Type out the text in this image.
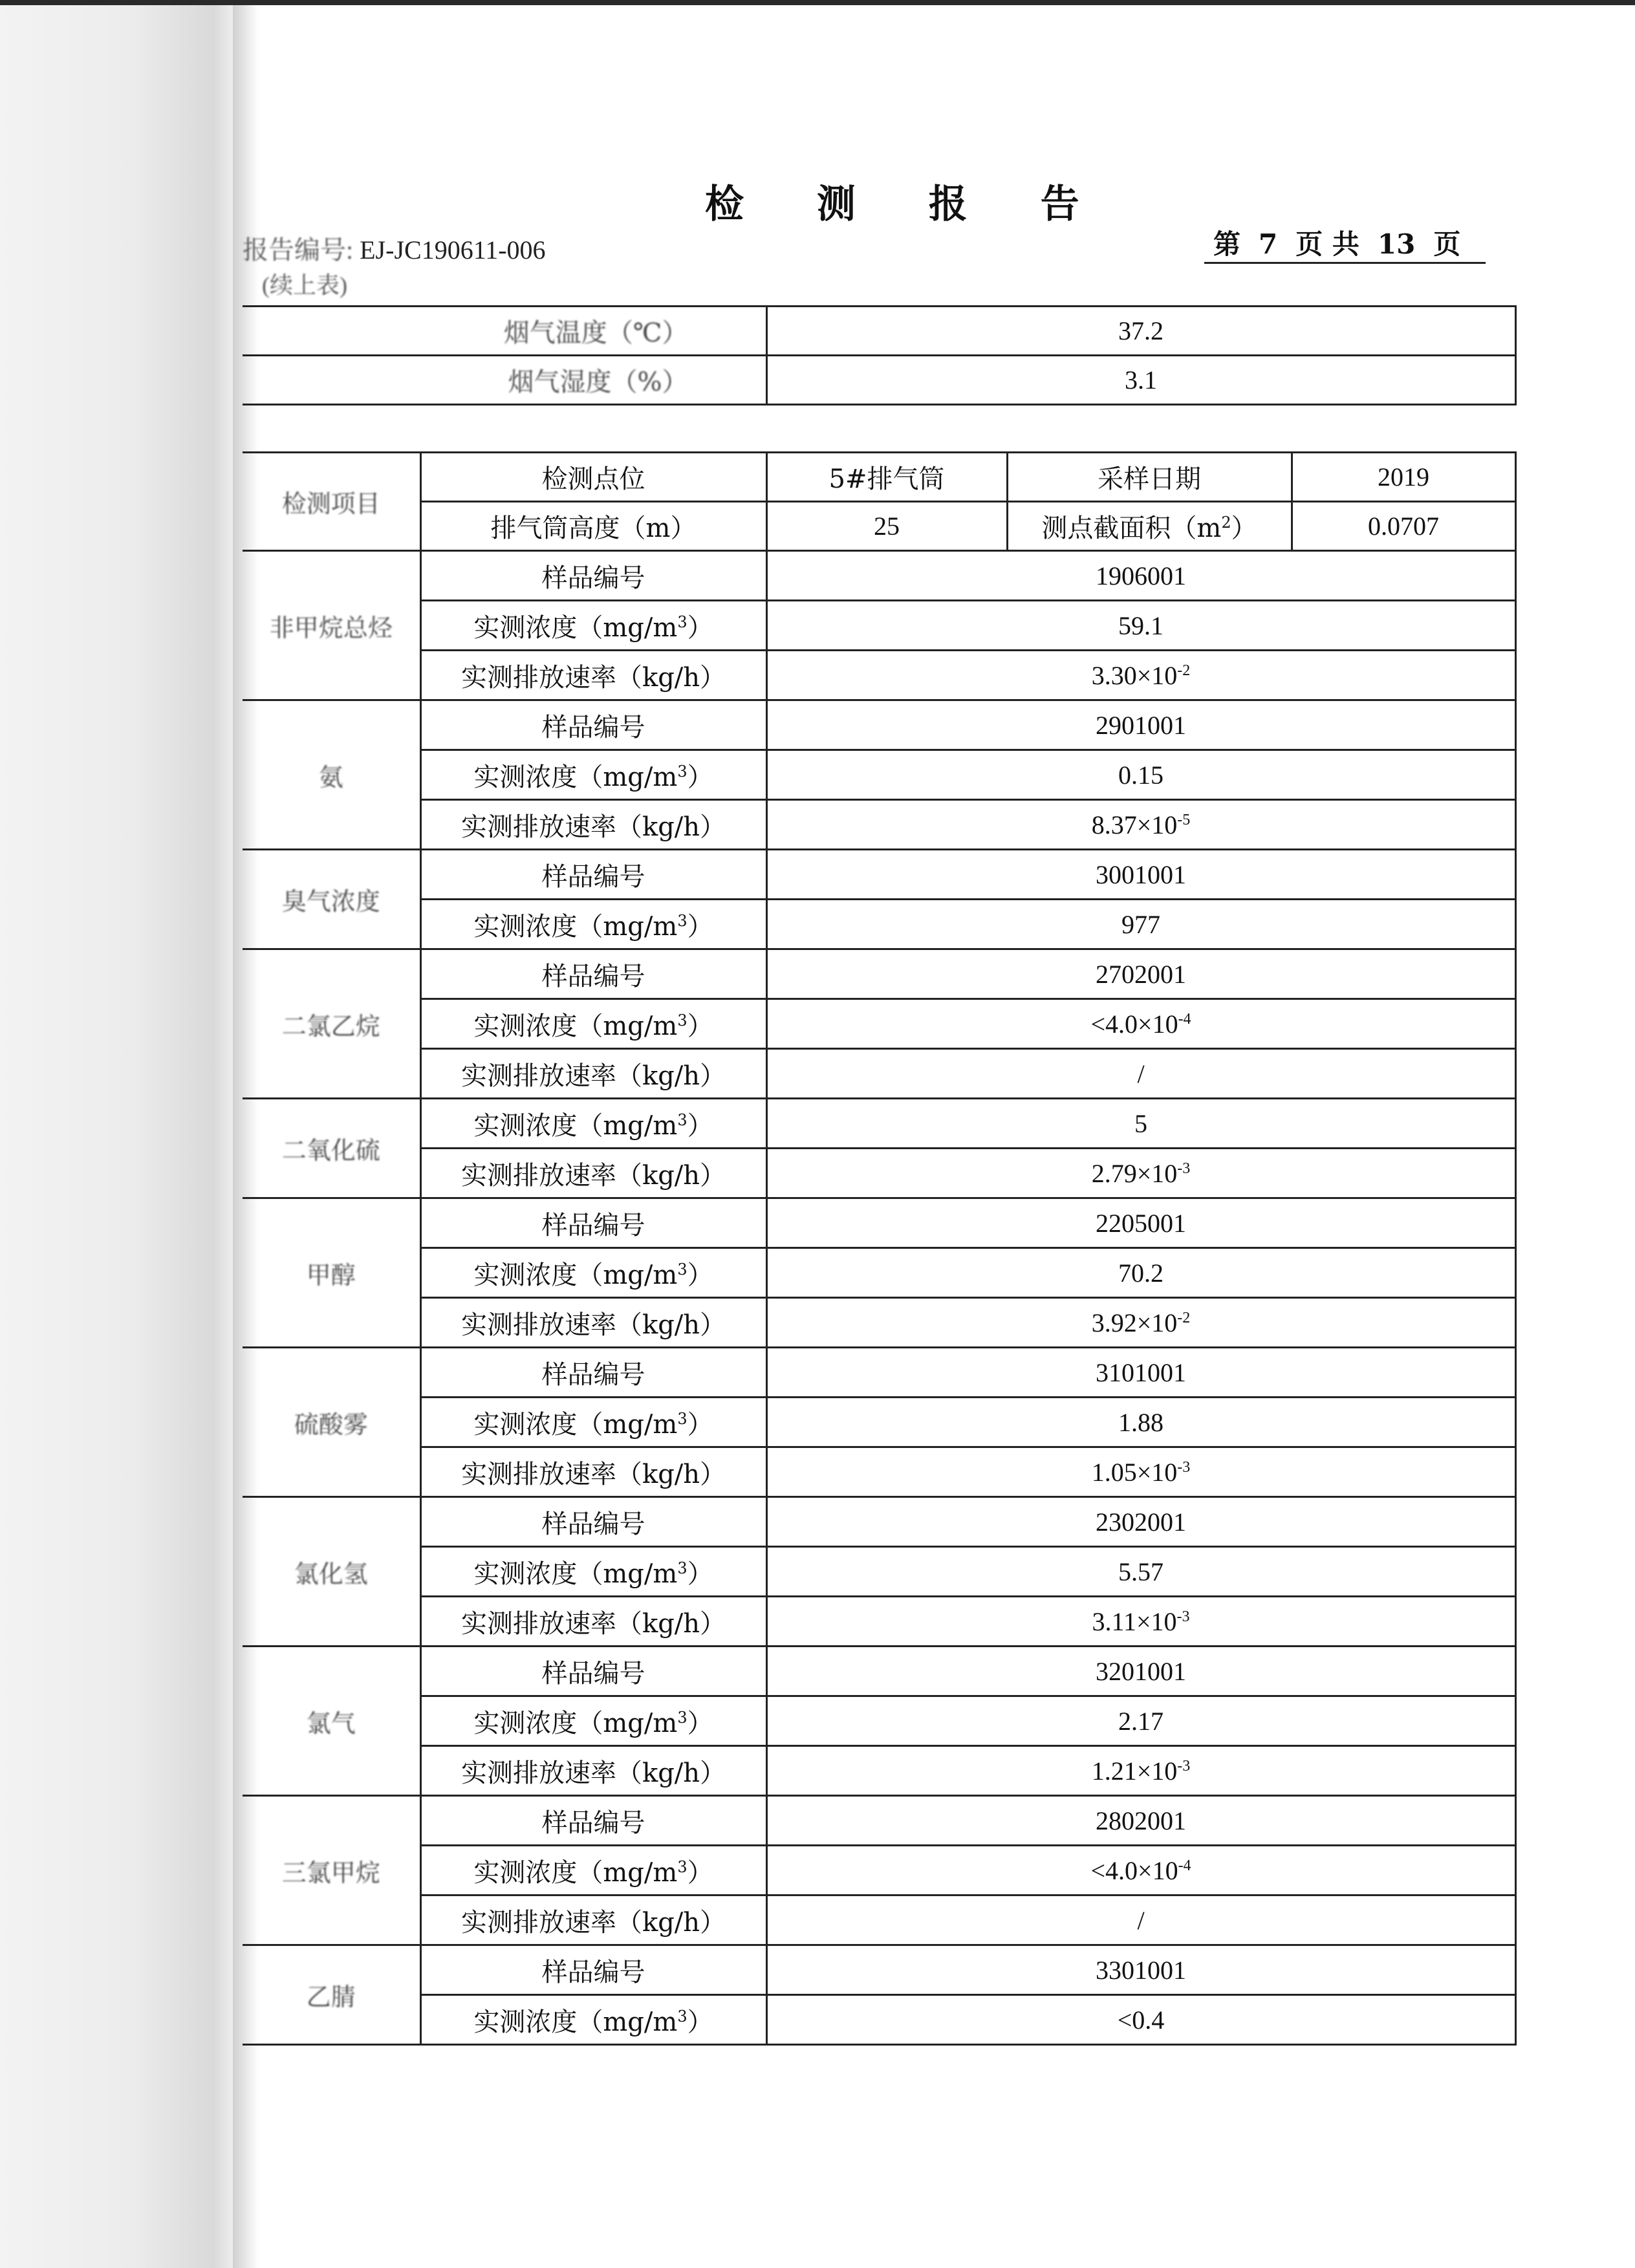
检 测 报 告
报告编号: EJ-JC190611-006
(续上表)
第 7 页 共 13 页
烟气温度（℃）	37.2
烟气湿度（%）	3.1
检测项目	检测点位	5#排气筒	采样日期	2019
	排气筒高度（m）	25	测点截面积$(m^2)$	0.0707
非甲烷总烃	样品编号	1906001		
	实测浓度$(mg/m^3)$	59.1		
	实测排放速率（kg/h）	$3.30\times 10^{-2}$
氨	样品编号	2901001		
	实测浓度$(mg/m^3)$	0.15		
	实测排放速率（kg/h）	$8.37\times 10^{-5}$
臭气浓度	样品编号	3001001		
	实测浓度$(mg/m^3)$	977		
二氯乙烷	样品编号	2702001		
	实测浓度$(mg/m^3)$	$<4.0\times 10^{-4}$
	实测排放速率（kg/h）	/		
二氧化硫	实测浓度$(mg/m^3)$	5		
	实测排放速率（kg/h）	$2.79\times 10^{-3}$
甲醇	样品编号	2205001		
	实测浓度$(mg/m^3)$	70.2		
	实测排放速率（kg/h）	$3.92\times 10^{-2}$
硫酸雾	样品编号	3101001		
	实测浓度$(mg/m^3)$	1.88		
	实测排放速率（kg/h）	$1.05\times 10^{-3}$
氯化氢	样品编号	2302001		
	实测浓度$(mg/m^3)$	5.57		
	实测排放速率（kg/h）	$3.11\times 10^{-3}$
氯气	样品编号	3201001		
	实测浓度$(mg/m^3)$	2.17		
	实测排放速率（kg/h）	$1.21\times 10^{-3}$
三氯甲烷	样品编号	2802001		
	实测浓度$(mg/m^3)$	$<4.0\times 10^{-4}$
	实测排放速率（kg/h）	/		
乙腈	样品编号	3301001		
	实测浓度$(mg/m^3)$	<0.4		
